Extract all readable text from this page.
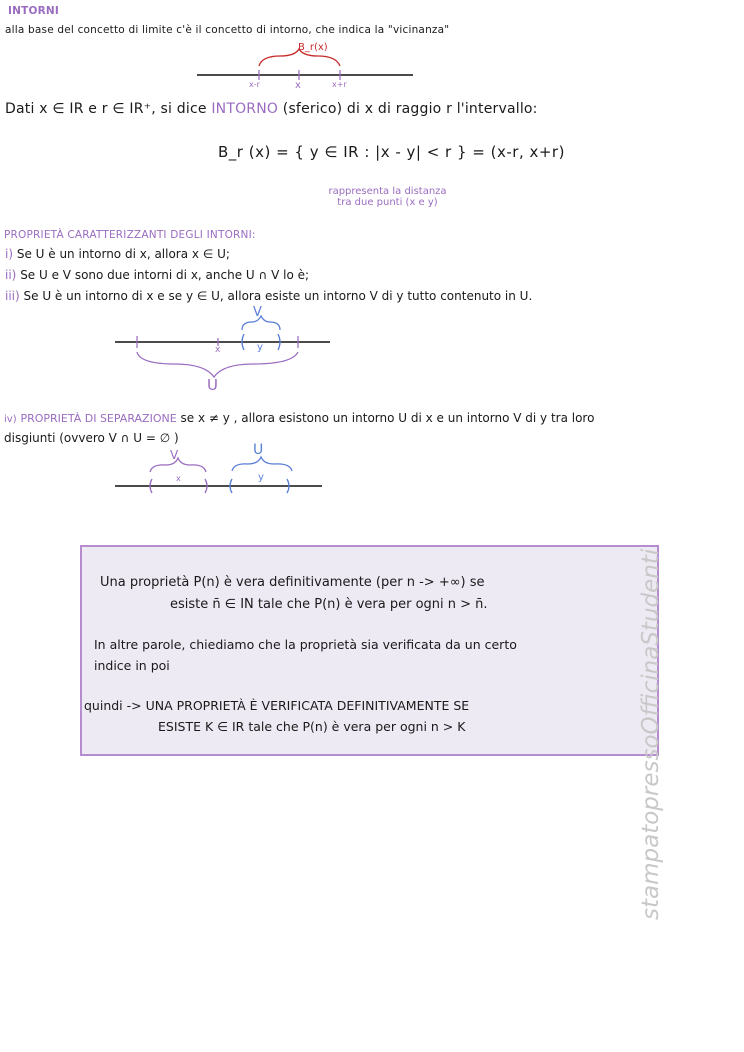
INTORNI
alla base del concetto di limite c'è il concetto di intorno, che indica la "vicinanza"
B_r(x)
x-r	x	x+r
Dati x ∈ IR e r ∈ IR⁺, si dice INTORNO (sferico) di x di raggio r l'intervallo:
B_r (x) = { y ∈ IR : |x - y| < r } = (x-r, x+r)
rappresenta la distanza
tra due punti (x e y)
PROPRIETÀ CARATTERIZZANTI DEGLI INTORNI:
i) Se U è un intorno di x, allora x ∈ U;
ii) Se U e V sono due intorni di x, anche U ∩ V lo è;
iii) Se U è un intorno di x e se y ∈ U, allora esiste un intorno V di y tutto contenuto in U.
V
x	y
U
iv) PROPRIETÀ DI SEPARAZIONE se x ≠ y , allora esistono un intorno U di x e un intorno V di y tra loro
disgiunti (ovvero V ∩ U = ∅ )
V	U
x	y
Una proprietà P(n) è vera definitivamente (per n -> +∞) se
esiste n̄ ∈ IN tale che P(n) è vera per ogni n > n̄.
In altre parole, chiediamo che la proprietà sia verificata da un certo
indice in poi
quindi -> UNA PROPRIETÀ È VERIFICATA DEFINITIVAMENTE SE
ESISTE K ∈ IR tale che P(n) è vera per ogni n > K	stampatopressoOfficinaStudenti
